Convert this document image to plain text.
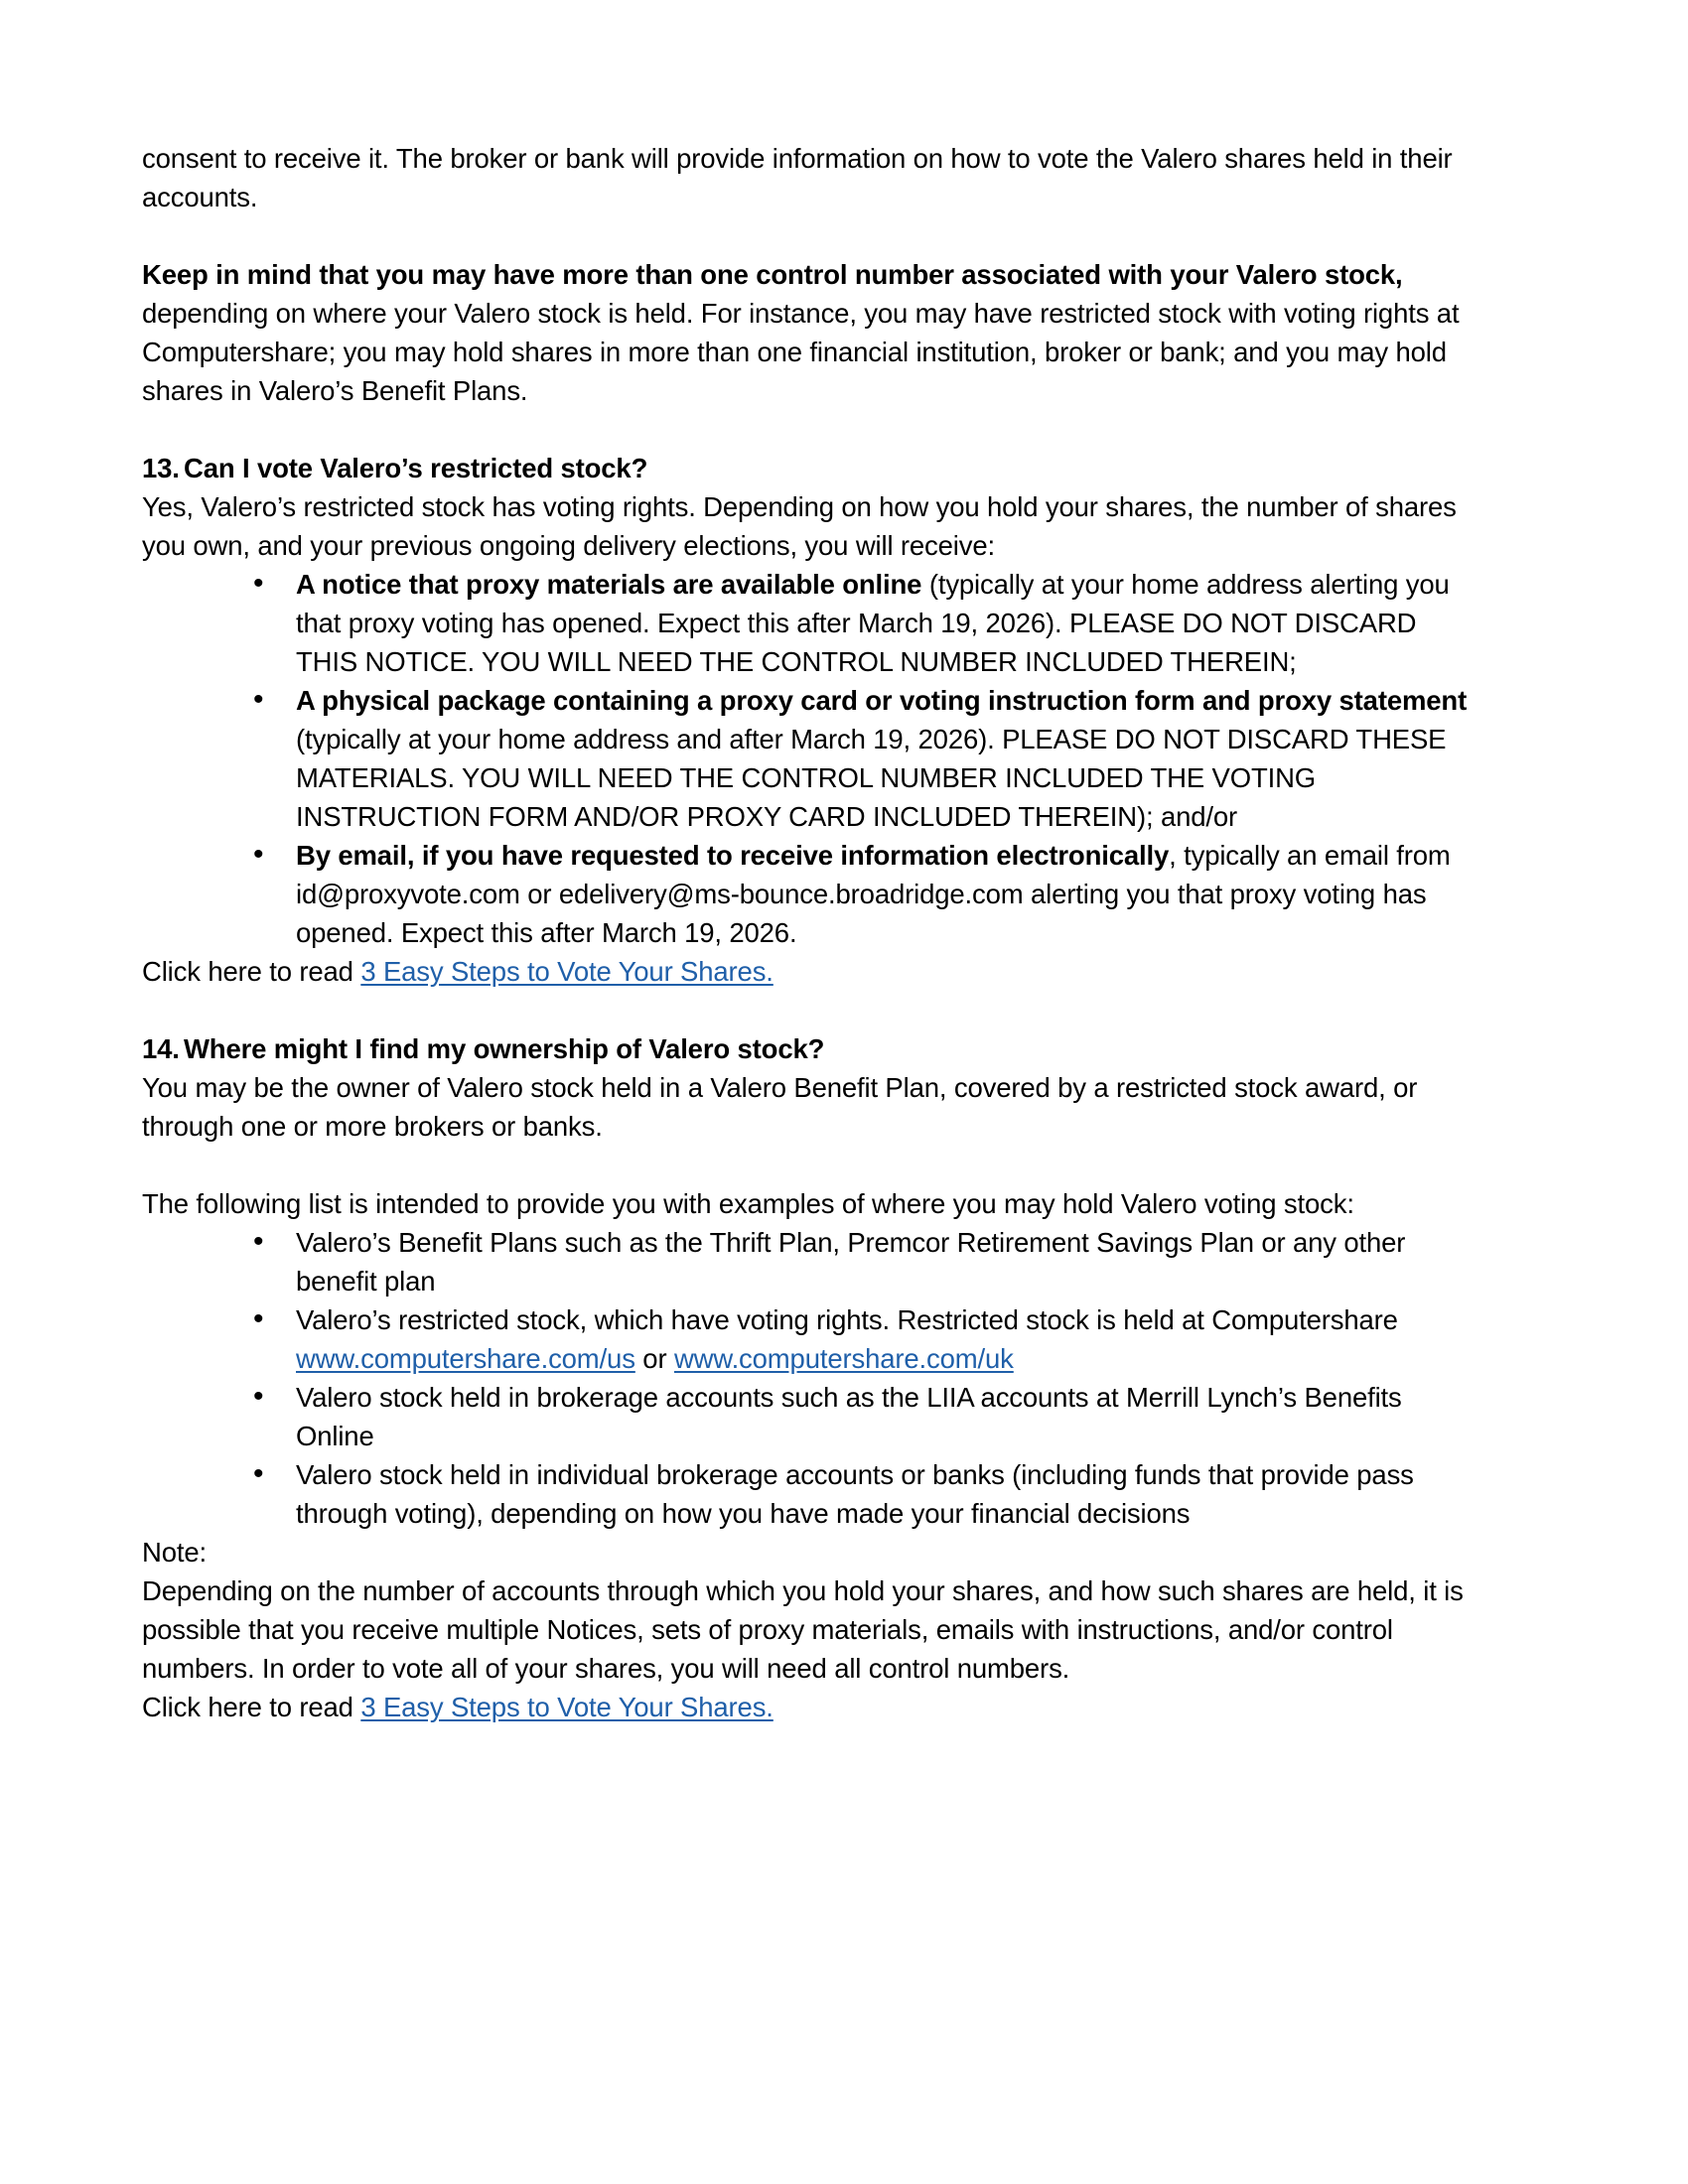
consent to receive it. The broker or bank will provide information on how to vote the Valero shares held in their accounts.

Keep in mind that you may have more than one control number associated with your Valero stock, depending on where your Valero stock is held. For instance, you may have restricted stock with voting rights at Computershare; you may hold shares in more than one financial institution, broker or bank; and you may hold shares in Valero’s Benefit Plans.

13. Can I vote Valero’s restricted stock?

Yes, Valero’s restricted stock has voting rights. Depending on how you hold your shares, the number of shares you own, and your previous ongoing delivery elections, you will receive:

• A notice that proxy materials are available online (typically at your home address alerting you that proxy voting has opened. Expect this after March 19, 2026). PLEASE DO NOT DISCARD THIS NOTICE. YOU WILL NEED THE CONTROL NUMBER INCLUDED THEREIN;
• A physical package containing a proxy card or voting instruction form and proxy statement (typically at your home address and after March 19, 2026). PLEASE DO NOT DISCARD THESE MATERIALS. YOU WILL NEED THE CONTROL NUMBER INCLUDED THE VOTING INSTRUCTION FORM AND/OR PROXY CARD INCLUDED THEREIN); and/or
• By email, if you have requested to receive information electronically, typically an email from id@proxyvote.com or edelivery@ms-bounce.broadridge.com alerting you that proxy voting has opened. Expect this after March 19, 2026.

Click here to read 3 Easy Steps to Vote Your Shares.

14. Where might I find my ownership of Valero stock?

You may be the owner of Valero stock held in a Valero Benefit Plan, covered by a restricted stock award, or through one or more brokers or banks.

The following list is intended to provide you with examples of where you may hold Valero voting stock:

• Valero’s Benefit Plans such as the Thrift Plan, Premcor Retirement Savings Plan or any other benefit plan
• Valero’s restricted stock, which have voting rights. Restricted stock is held at Computershare www.computershare.com/us or www.computershare.com/uk
• Valero stock held in brokerage accounts such as the LIIA accounts at Merrill Lynch’s Benefits Online
• Valero stock held in individual brokerage accounts or banks (including funds that provide pass through voting), depending on how you have made your financial decisions

Note:

Depending on the number of accounts through which you hold your shares, and how such shares are held, it is possible that you receive multiple Notices, sets of proxy materials, emails with instructions, and/or control numbers. In order to vote all of your shares, you will need all control numbers.

Click here to read 3 Easy Steps to Vote Your Shares.
